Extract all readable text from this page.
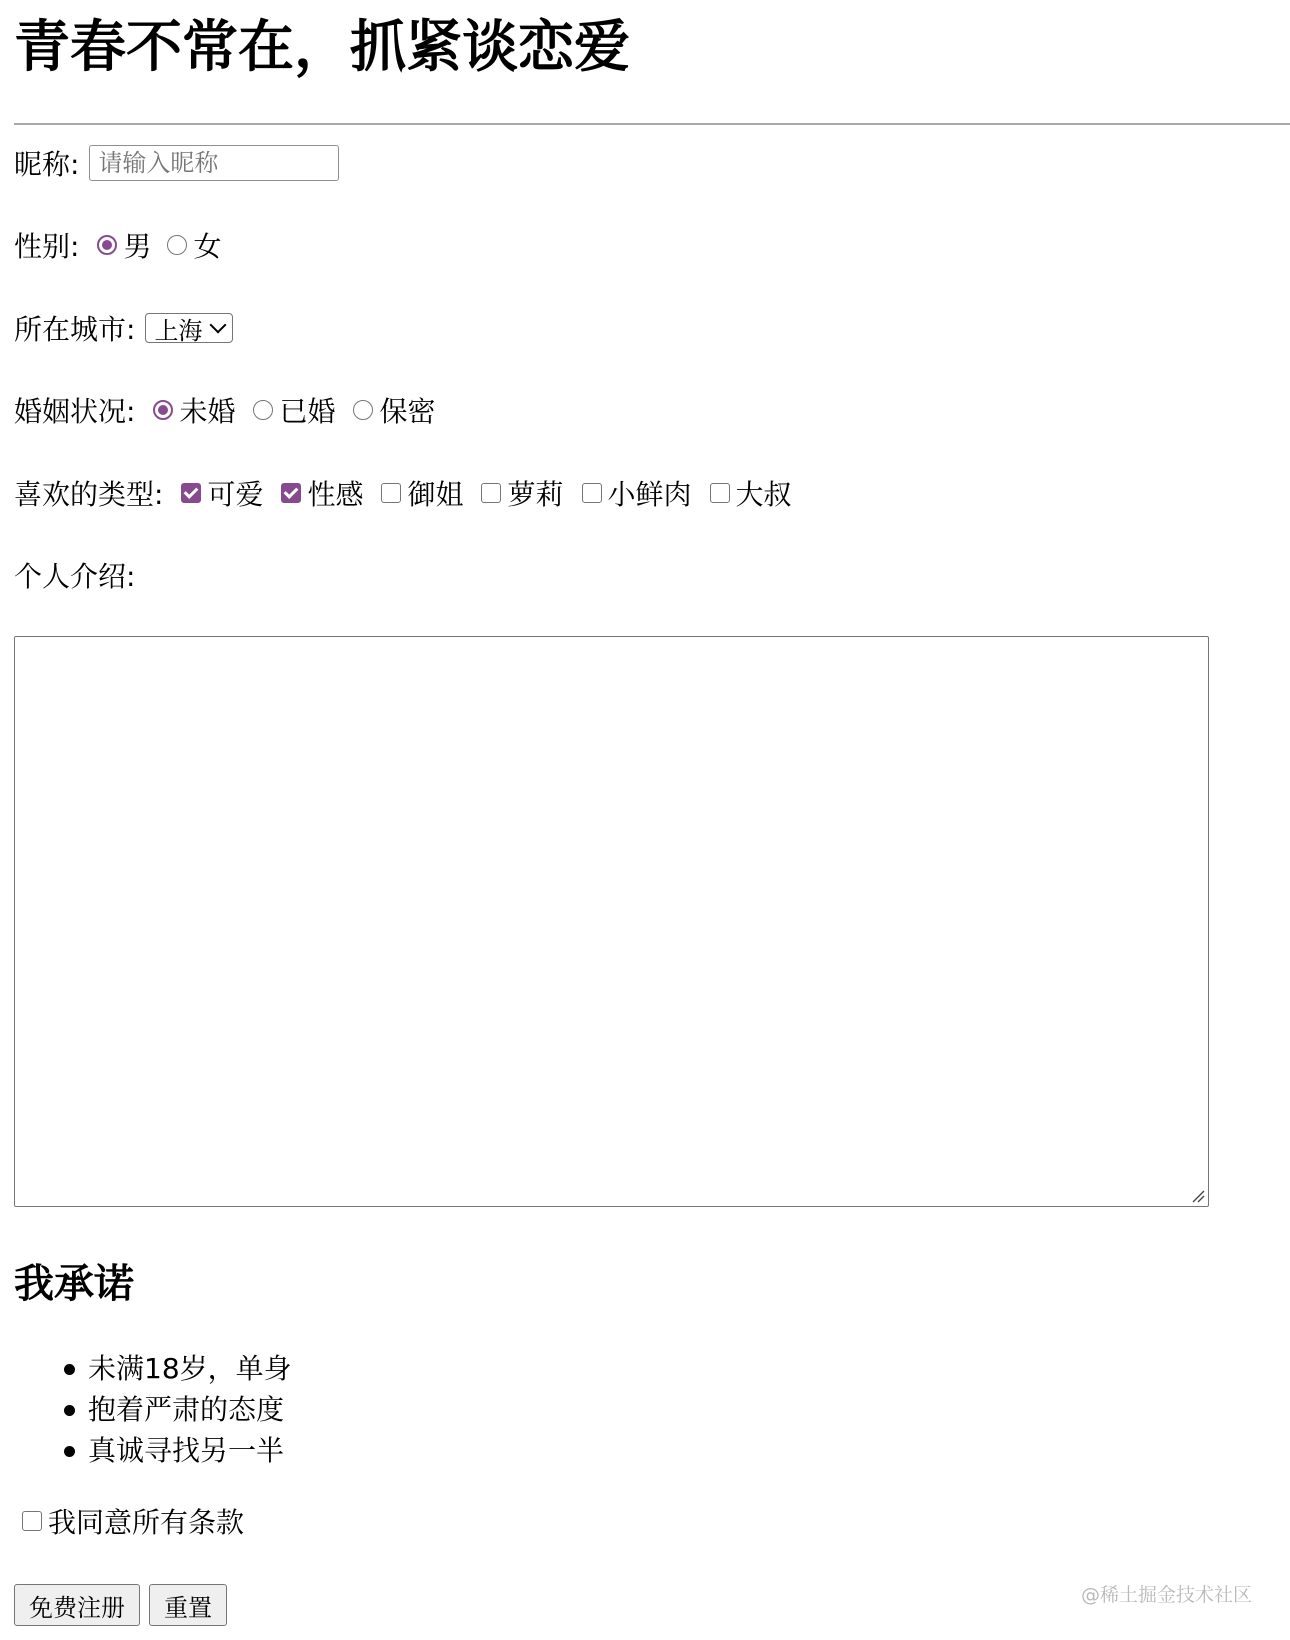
青春不常在，抓紧谈恋爱
昵称:
请输入昵称
性别: 男 女
所在城市: 上海
婚姻状况: 未婚 已婚 保密
喜欢的类型: 可爱 性感 御姐 萝莉 小鲜肉 大叔
个人介绍:
我承诺
未满18岁，单身
抱着严肃的态度
真诚寻找另一半
我同意所有条款
免费注册	重置	@稀土掘金技术社区
